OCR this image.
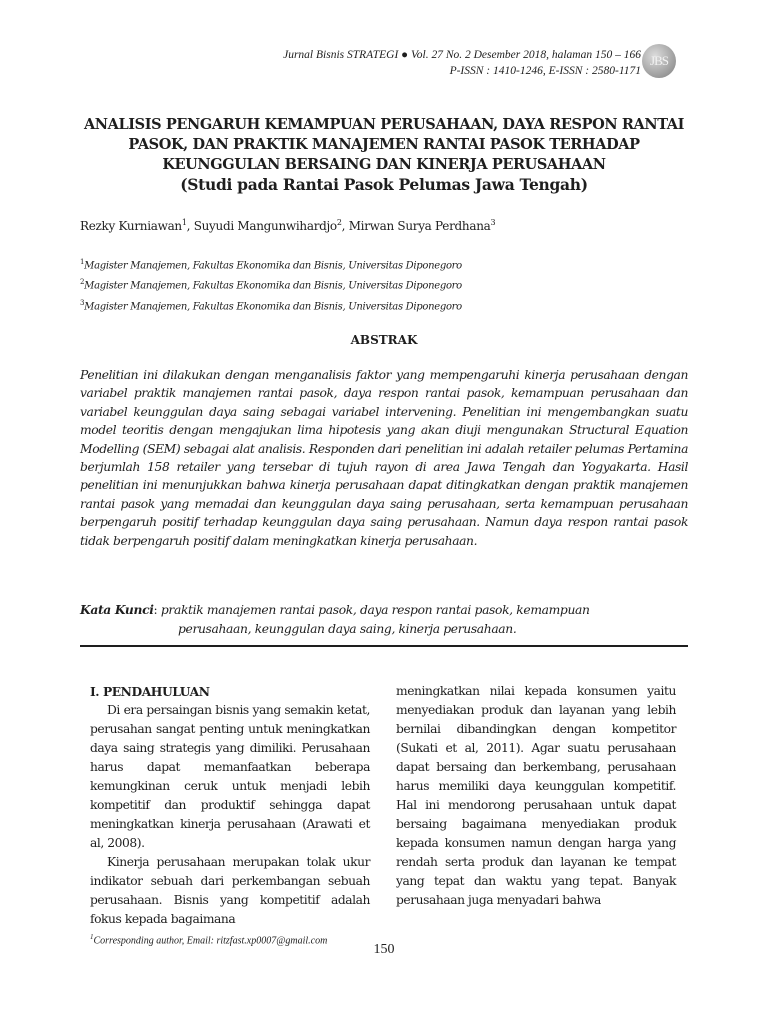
Jurnal Bisnis STRATEGI ● Vol. 27 No. 2 Desember 2018, halaman 150 – 166
P-ISSN : 1410-1246, E-ISSN : 2580-1171
JBS
ANALISIS PENGARUH KEMAMPUAN PERUSAHAAN, DAYA RESPON RANTAI
PASOK, DAN PRAKTIK MANAJEMEN RANTAI PASOK TERHADAP
KEUNGGULAN BERSAING DAN KINERJA PERUSAHAAN
(Studi pada Rantai Pasok Pelumas Jawa Tengah)
Rezky Kurniawan$^1$, Suyudi Mangunwihardjo$^2$, Mirwan Surya Perdhana$^3$
$^1$Magister Manajemen, Fakultas Ekonomika dan Bisnis, Universitas Diponegoro
$^2$Magister Manajemen, Fakultas Ekonomika dan Bisnis, Universitas Diponegoro
$^3$Magister Manajemen, Fakultas Ekonomika dan Bisnis, Universitas Diponegoro
ABSTRAK

Penelitian ini dilakukan dengan menganalisis faktor yang mempengaruhi kinerja perusahaan dengan variabel praktik manajemen rantai pasok, daya respon rantai pasok, kemampuan perusahaan dan variabel keunggulan daya saing sebagai variabel intervening. Penelitian ini mengembangkan suatu model teoritis dengan mengajukan lima hipotesis yang akan diuji mengunakan Structural Equation Modelling (SEM) sebagai alat analisis. Responden dari penelitian ini adalah retailer pelumas Pertamina berjumlah 158 retailer yang tersebar di tujuh rayon di area Jawa Tengah dan Yogyakarta. Hasil penelitian ini menunjukkan bahwa kinerja perusahaan dapat ditingkatkan dengan praktik manajemen rantai pasok yang memadai dan keunggulan daya saing perusahaan, serta kemampuan perusahaan berpengaruh positif terhadap keunggulan daya saing perusahaan. Namun daya respon rantai pasok tidak berpengaruh positif dalam meningkatkan kinerja perusahaan.

Kata Kunci: praktik manajemen rantai pasok, daya respon rantai pasok, kemampuan
perusahaan, keunggulan daya saing, kinerja perusahaan.

I. PENDAHULUAN

Di era persaingan bisnis yang semakin ketat, perusahan sangat penting untuk meningkatkan daya saing strategis yang dimiliki. Perusahaan harus dapat memanfaatkan beberapa kemungkinan ceruk untuk menjadi lebih kompetitif dan produktif sehingga dapat meningkatkan kinerja perusahaan (Arawati et al, 2008).

Kinerja perusahaan merupakan tolak ukur indikator sebuah dari perkembangan sebuah perusahaan. Bisnis yang kompetitif adalah fokus kepada bagaimana

meningkatkan nilai kepada konsumen yaitu menyediakan produk dan layanan yang lebih bernilai dibandingkan dengan kompetitor (Sukati et al, 2011). Agar suatu perusahaan dapat bersaing dan berkembang, perusahaan harus memiliki daya keunggulan kompetitif. Hal ini mendorong perusahaan untuk dapat bersaing bagaimana menyediakan produk kepada konsumen namun dengan harga yang rendah serta produk dan layanan ke tempat yang tepat dan waktu yang tepat. Banyak perusahaan juga menyadari bahwa

$^1$Corresponding author, Email: ritzfast.xp0007@gmail.com

150
